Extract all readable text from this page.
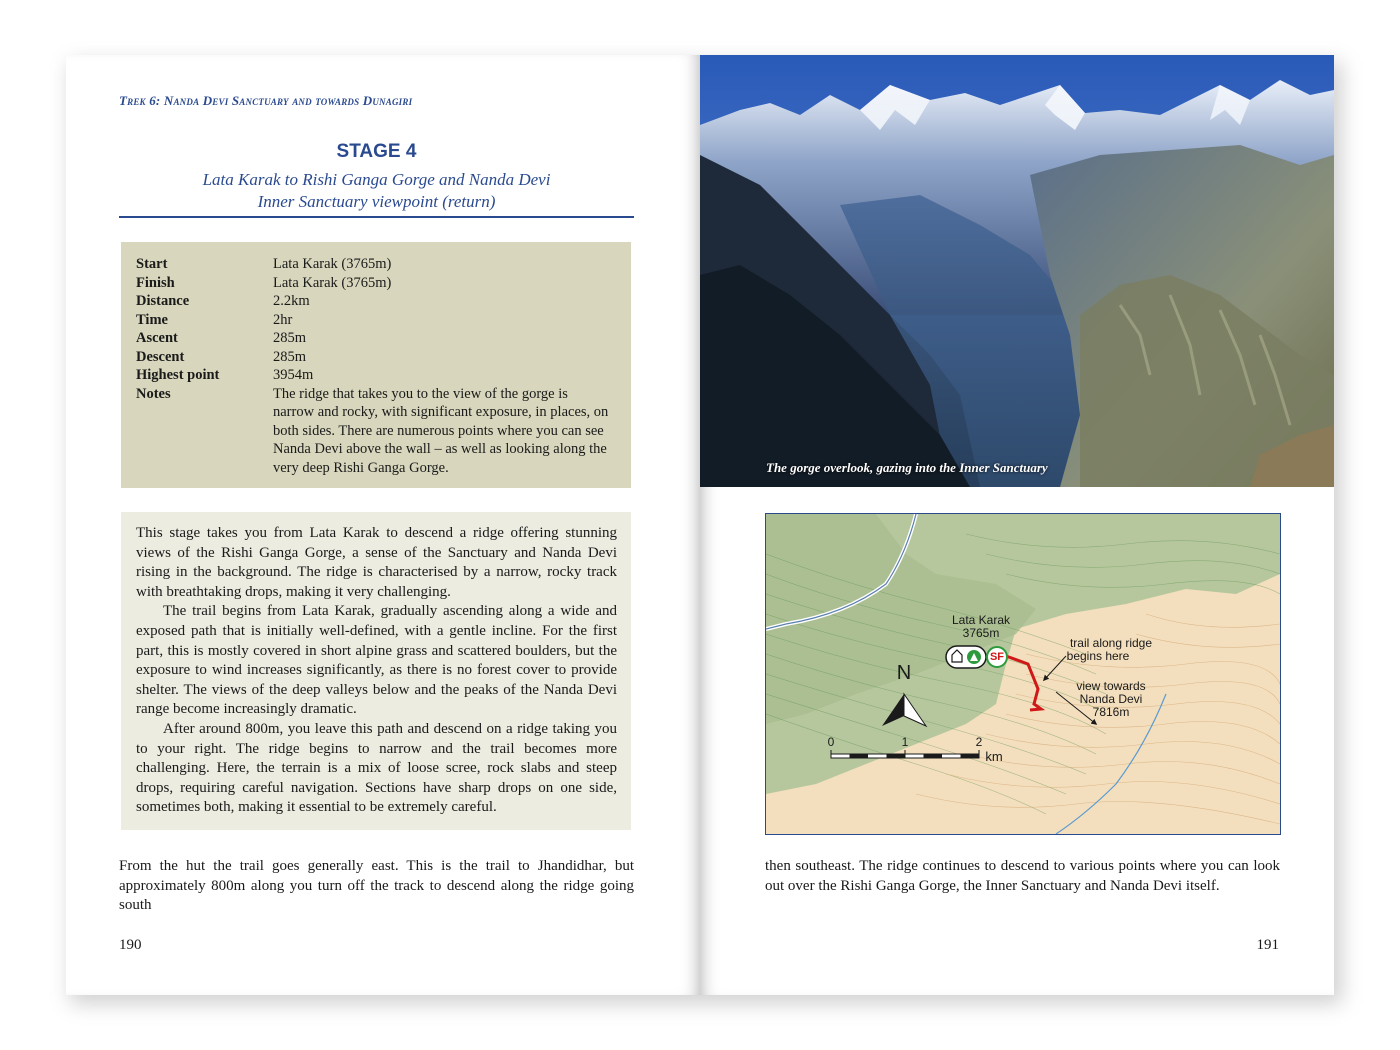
Trek 6: Nanda Devi Sanctuary and towards Dunagiri
STAGE 4
Lata Karak to Rishi Ganga Gorge and Nanda Devi
Inner Sanctuary viewpoint (return)
Start	Lata Karak (3765m)
Finish	Lata Karak (3765m)
Distance	2.2km
Time	2hr
Ascent	285m
Descent	285m
Highest point	3954m
Notes	The ridge that takes you to the view of the gorge is narrow and rocky, with significant exposure, in places, on both sides. There are numerous points where you can see Nanda Devi above the wall – as well as looking along the very deep Rishi Ganga Gorge.

This stage takes you from Lata Karak to descend a ridge offering stunning views of the Rishi Ganga Gorge, a sense of the Sanctuary and Nanda Devi rising in the background. The ridge is characterised by a narrow, rocky track with breathtaking drops, making it very challenging.

The trail begins from Lata Karak, gradually ascending along a wide and exposed path that is initially well-defined, with a gentle incline. For the first part, this is mostly covered in short alpine grass and scattered boulders, but the exposure to wind increases significantly, as there is no forest cover to provide shelter. The views of the deep valleys below and the peaks of the Nanda Devi range become increasingly dramatic.

After around 800m, you leave this path and descend on a ridge taking you to your right. The ridge begins to narrow and the trail becomes more challenging. Here, the terrain is a mix of loose scree, rock slabs and steep drops, requiring careful navigation. Sections have sharp drops on one side, sometimes both, making it essential to be extremely careful.

From the hut the trail goes generally east. This is the trail to Jhandidhar, but approximately 800m along you turn off the track to descend along the ridge going south
190
The gorge overlook, gazing into the Inner Sanctuary
Lata Karak
3765m
SF
trail along ridge
begins here
view towards
Nanda Devi
7816m
N
0	1	2
km
then southeast. The ridge continues to descend to various points where you can look out over the Rishi Ganga Gorge, the Inner Sanctuary and Nanda Devi itself.
191
